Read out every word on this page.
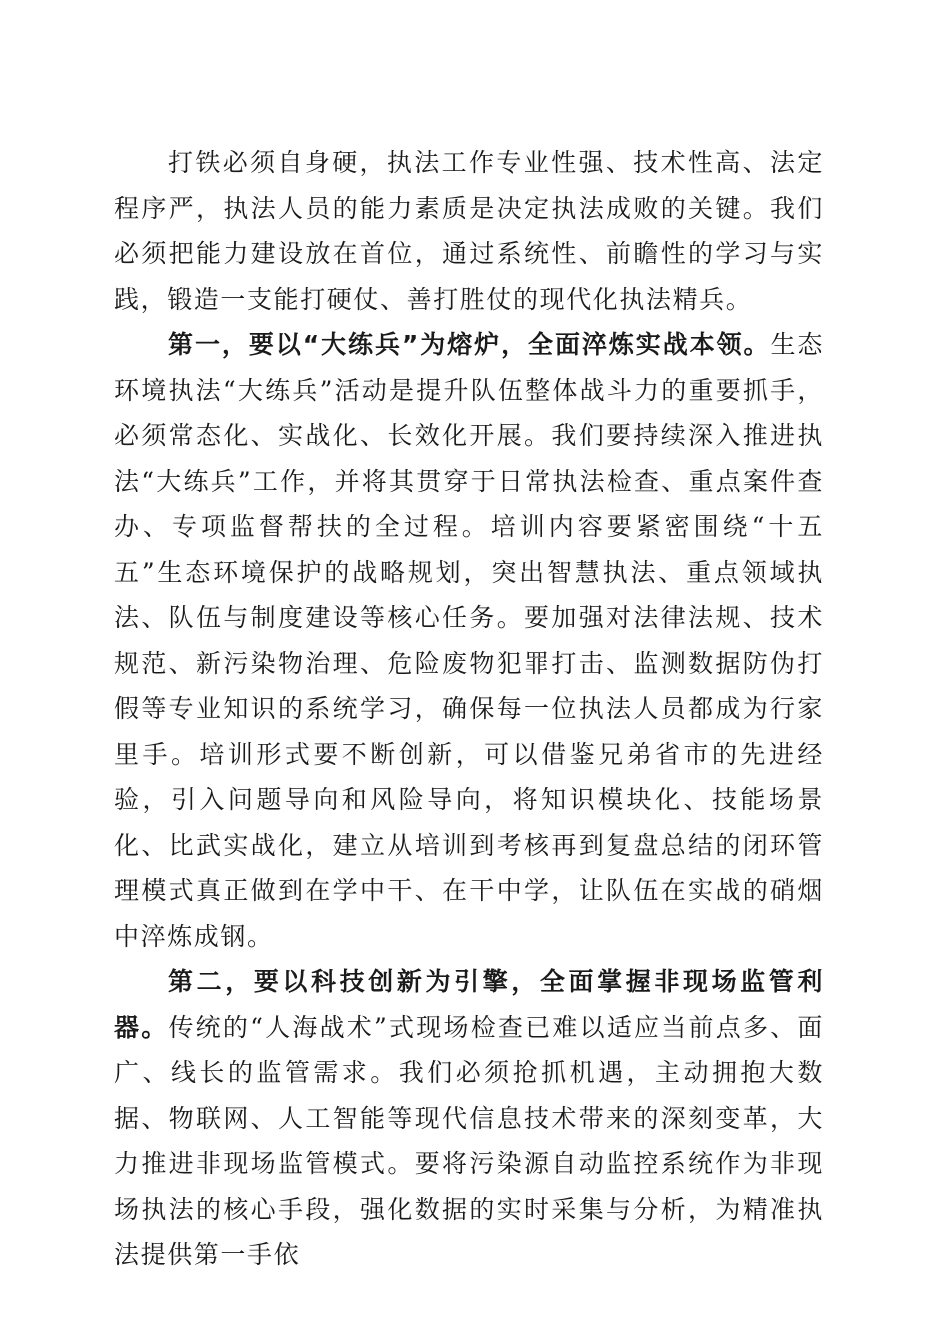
打铁必须自身硬，执法工作专业性强、技术性高、法定程序严，执法人员的能力素质是决定执法成败的关键。我们必须把能力建设放在首位，通过系统性、前瞻性的学习与实践，锻造一支能打硬仗、善打胜仗的现代化执法精兵。

第一，要以“大练兵”为熔炉，全面淬炼实战本领。生态环境执法“大练兵”活动是提升队伍整体战斗力的重要抓手，必须常态化、实战化、长效化开展。我们要持续深入推进执法“大练兵”工作，并将其贯穿于日常执法检查、重点案件查办、专项监督帮扶的全过程。培训内容要紧密围绕“十五五”生态环境保护的战略规划，突出智慧执法、重点领域执法、队伍与制度建设等核心任务。要加强对法律法规、技术规范、新污染物治理、危险废物犯罪打击、监测数据防伪打假等专业知识的系统学习，确保每一位执法人员都成为行家里手。培训形式要不断创新，可以借鉴兄弟省市的先进经验，引入问题导向和风险导向，将知识模块化、技能场景化、比武实战化，建立从培训到考核再到复盘总结的闭环管理模式真正做到在学中干、在干中学，让队伍在实战的硝烟中淬炼成钢。

第二，要以科技创新为引擎，全面掌握非现场监管利器。传统的“人海战术”式现场检查已难以适应当前点多、面广、线长的监管需求。我们必须抢抓机遇，主动拥抱大数据、物联网、人工智能等现代信息技术带来的深刻变革，大力推进非现场监管模式。要将污染源自动监控系统作为非现场执法的核心手段，强化数据的实时采集与分析，为精准执法提供第一手依
